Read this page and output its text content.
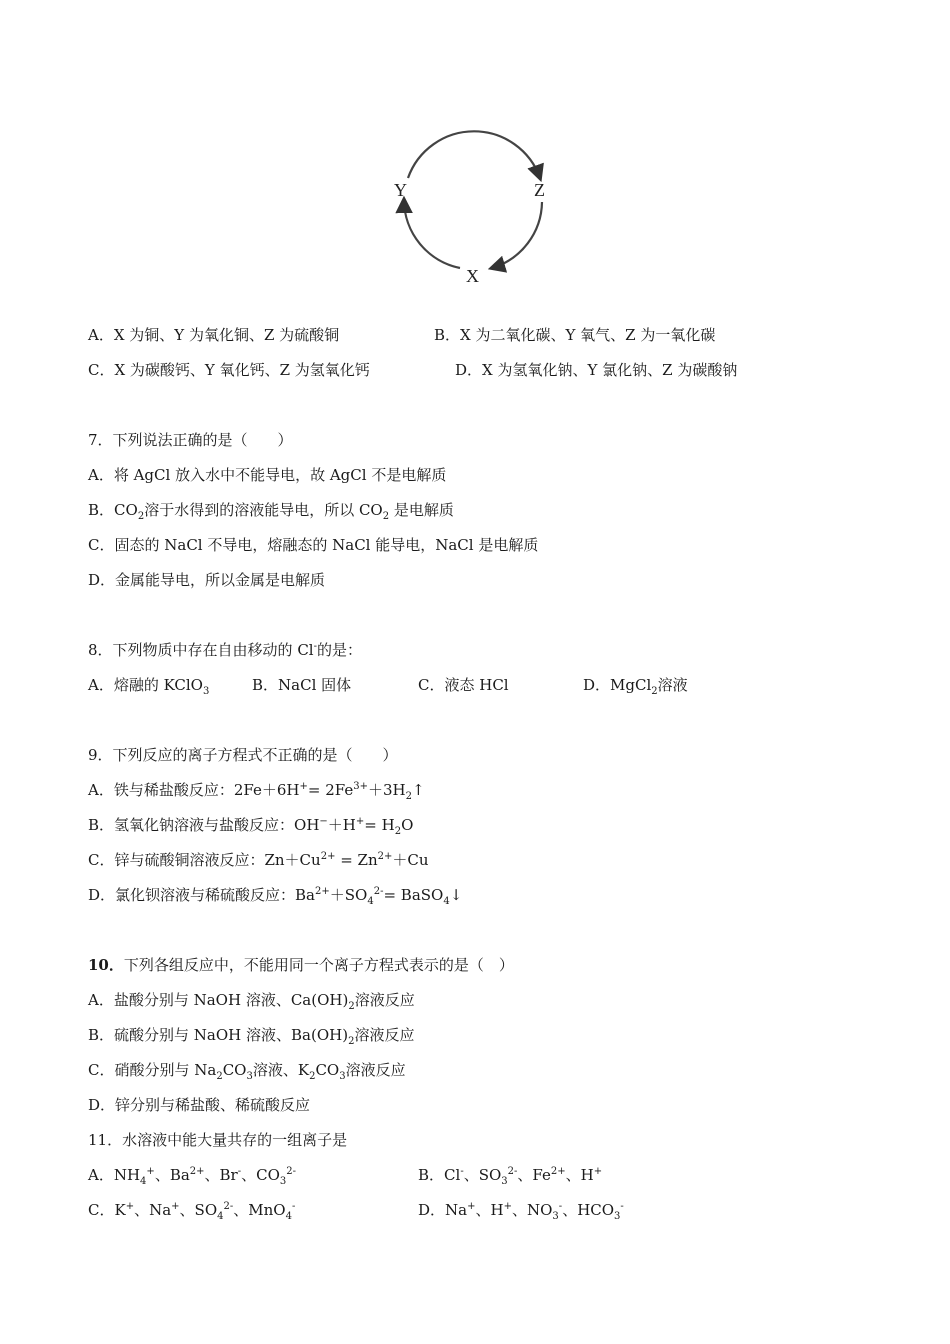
Y	Z
X
A．X 为铜、Y 为氧化铜、Z 为硫酸铜	B．X 为二氧化碳、Y 氧气、Z 为一氧化碳
C．X 为碳酸钙、Y 氧化钙、Z 为氢氧化钙	D．X 为氢氧化钠、Y 氯化钠、Z 为碳酸钠
7．下列说法正确的是（　　）
A．将 AgCl 放入水中不能导电，故 AgCl 不是电解质
B．$CO_2$溶于水得到的溶液能导电，所以 $CO_2$ 是电解质
C．固态的 NaCl 不导电，熔融态的 NaCl 能导电，NaCl 是电解质
D．金属能导电，所以金属是电解质
8．下列物质中存在自由移动的 Cl-的是：
A．熔融的 KClO$_3$	B．NaCl 固体	C．液态 HCl	D．MgCl$_2$溶液
9．下列反应的离子方程式不正确的是（　　）
A．铁与稀盐酸反应：$2Fe+6H^+= 2Fe^{3+}+3H_2↑$
B．氢氧化钠溶液与盐酸反应：$OH^-+H^+= H_2O$
C．锌与硫酸铜溶液反应：$Zn+Cu^{2+} = Zn^{2+}+Cu$
D．氯化钡溶液与稀硫酸反应：$Ba^{2+}+SO_4^{2-}=$ BaSO$_4$↓
10．下列各组反应中，不能用同一个离子方程式表示的是（　）
A．盐酸分别与 NaOH 溶液、$Ca(OH)_2$溶液反应
B．硫酸分别与 NaOH 溶液、$Ba(OH)_2$溶液反应
C．硝酸分别与 $Na_2CO_3$溶液、$K_2CO_3$溶液反应
D．锌分别与稀盐酸、稀硫酸反应
11．水溶液中能大量共存的一组离子是
A．$NH_4^+$、$Ba^{2+}$、Br-、$CO_3^{2-}$	B．Cl-、$SO_3^{2-}$、$Fe^{2+}$、H+
C．K+、Na+、$SO_4^{2-}$、MnO$_4$-	D．Na+、H+、$NO_3^-$、$HCO_3^-$
